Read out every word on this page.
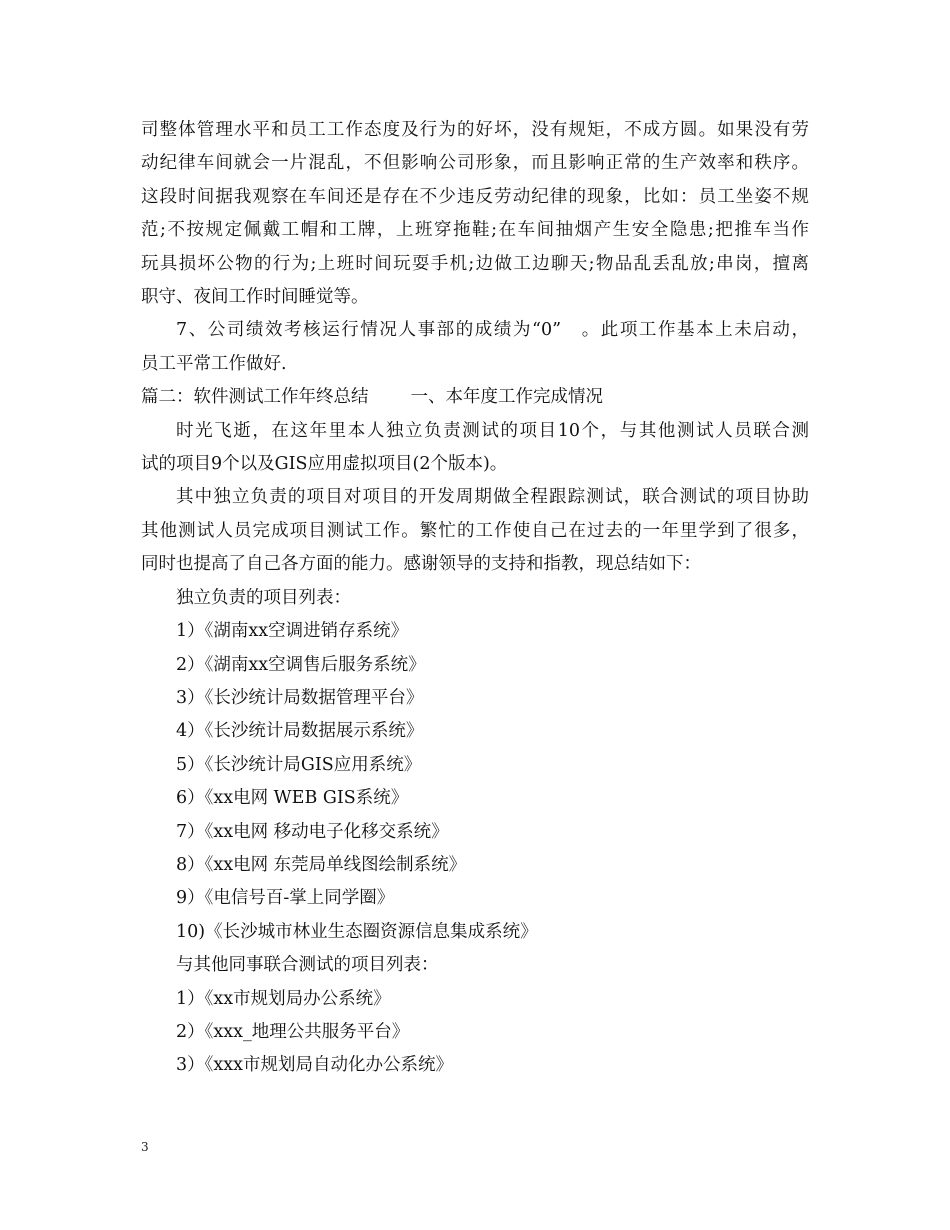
司整体管理水平和员工工作态度及行为的好坏，没有规矩，不成方圆。如果没有劳
动纪律车间就会一片混乱，不但影响公司形象，而且影响正常的生产效率和秩序。
这段时间据我观察在车间还是存在不少违反劳动纪律的现象，比如：员工坐姿不规
范;不按规定佩戴工帽和工牌，上班穿拖鞋;在车间抽烟产生安全隐患;把推车当作
玩具损坏公物的行为;上班时间玩耍手机;边做工边聊天;物品乱丢乱放;串岗，擅离
职守、夜间工作时间睡觉等。
7、公司绩效考核运行情况人事部的成绩为“0”　。此项工作基本上未启动，
员工平常工作做好.
篇二：软件测试工作年终总结 一、本年度工作完成情况
时光飞逝，在这年里本人独立负责测试的项目10个，与其他测试人员联合测
试的项目9个以及GIS应用虚拟项目(2个版本)。
其中独立负责的项目对项目的开发周期做全程跟踪测试，联合测试的项目协助
其他测试人员完成项目测试工作。繁忙的工作使自己在过去的一年里学到了很多，
同时也提高了自己各方面的能力。感谢领导的支持和指教，现总结如下：
独立负责的项目列表：
1）《湖南xx空调进销存系统》
2）《湖南xx空调售后服务系统》
3）《长沙统计局数据管理平台》
4）《长沙统计局数据展示系统》
5）《长沙统计局GIS应用系统》
6）《xx电网 WEB GIS系统》
7）《xx电网 移动电子化移交系统》
8）《xx电网 东莞局单线图绘制系统》
9）《电信号百-掌上同学圈》
10)《长沙城市林业生态圈资源信息集成系统》
与其他同事联合测试的项目列表：
1）《xx市规划局办公系统》
2）《xxx_地理公共服务平台》
3）《xxx市规划局自动化办公系统》
3
